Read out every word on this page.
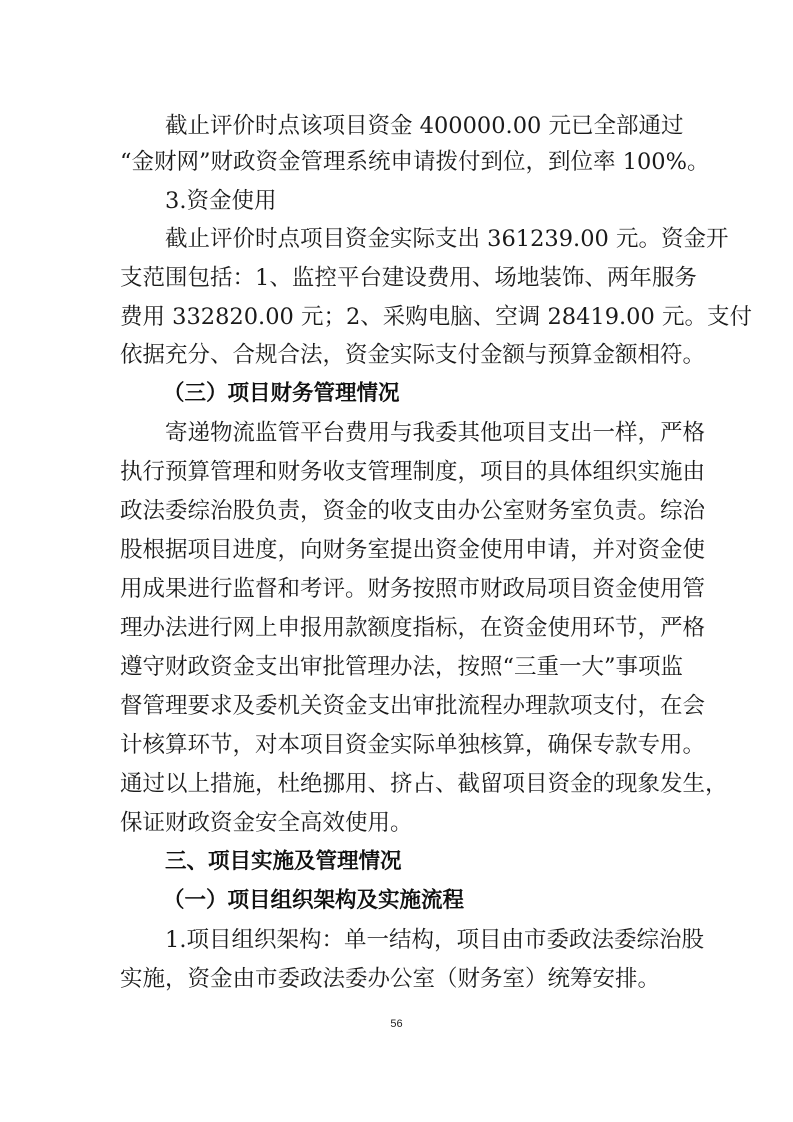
截止评价时点该项目资金 400000.00 元已全部通过
“金财网”财政资金管理系统申请拨付到位，到位率 100%。
3.资金使用
截止评价时点项目资金实际支出 361239.00 元。资金开
支范围包括：1、监控平台建设费用、场地装饰、两年服务
费用 332820.00 元；2、采购电脑、空调 28419.00 元。支付
依据充分、合规合法，资金实际支付金额与预算金额相符。
（三）项目财务管理情况
寄递物流监管平台费用与我委其他项目支出一样，严格
执行预算管理和财务收支管理制度，项目的具体组织实施由
政法委综治股负责，资金的收支由办公室财务室负责。综治
股根据项目进度，向财务室提出资金使用申请，并对资金使
用成果进行监督和考评。财务按照市财政局项目资金使用管
理办法进行网上申报用款额度指标，在资金使用环节，严格
遵守财政资金支出审批管理办法，按照“三重一大”事项监
督管理要求及委机关资金支出审批流程办理款项支付，在会
计核算环节，对本项目资金实际单独核算，确保专款专用。
通过以上措施，杜绝挪用、挤占、截留项目资金的现象发生，
保证财政资金安全高效使用。
三、项目实施及管理情况
（一）项目组织架构及实施流程
1.项目组织架构：单一结构，项目由市委政法委综治股
实施，资金由市委政法委办公室（财务室）统筹安排。
56
